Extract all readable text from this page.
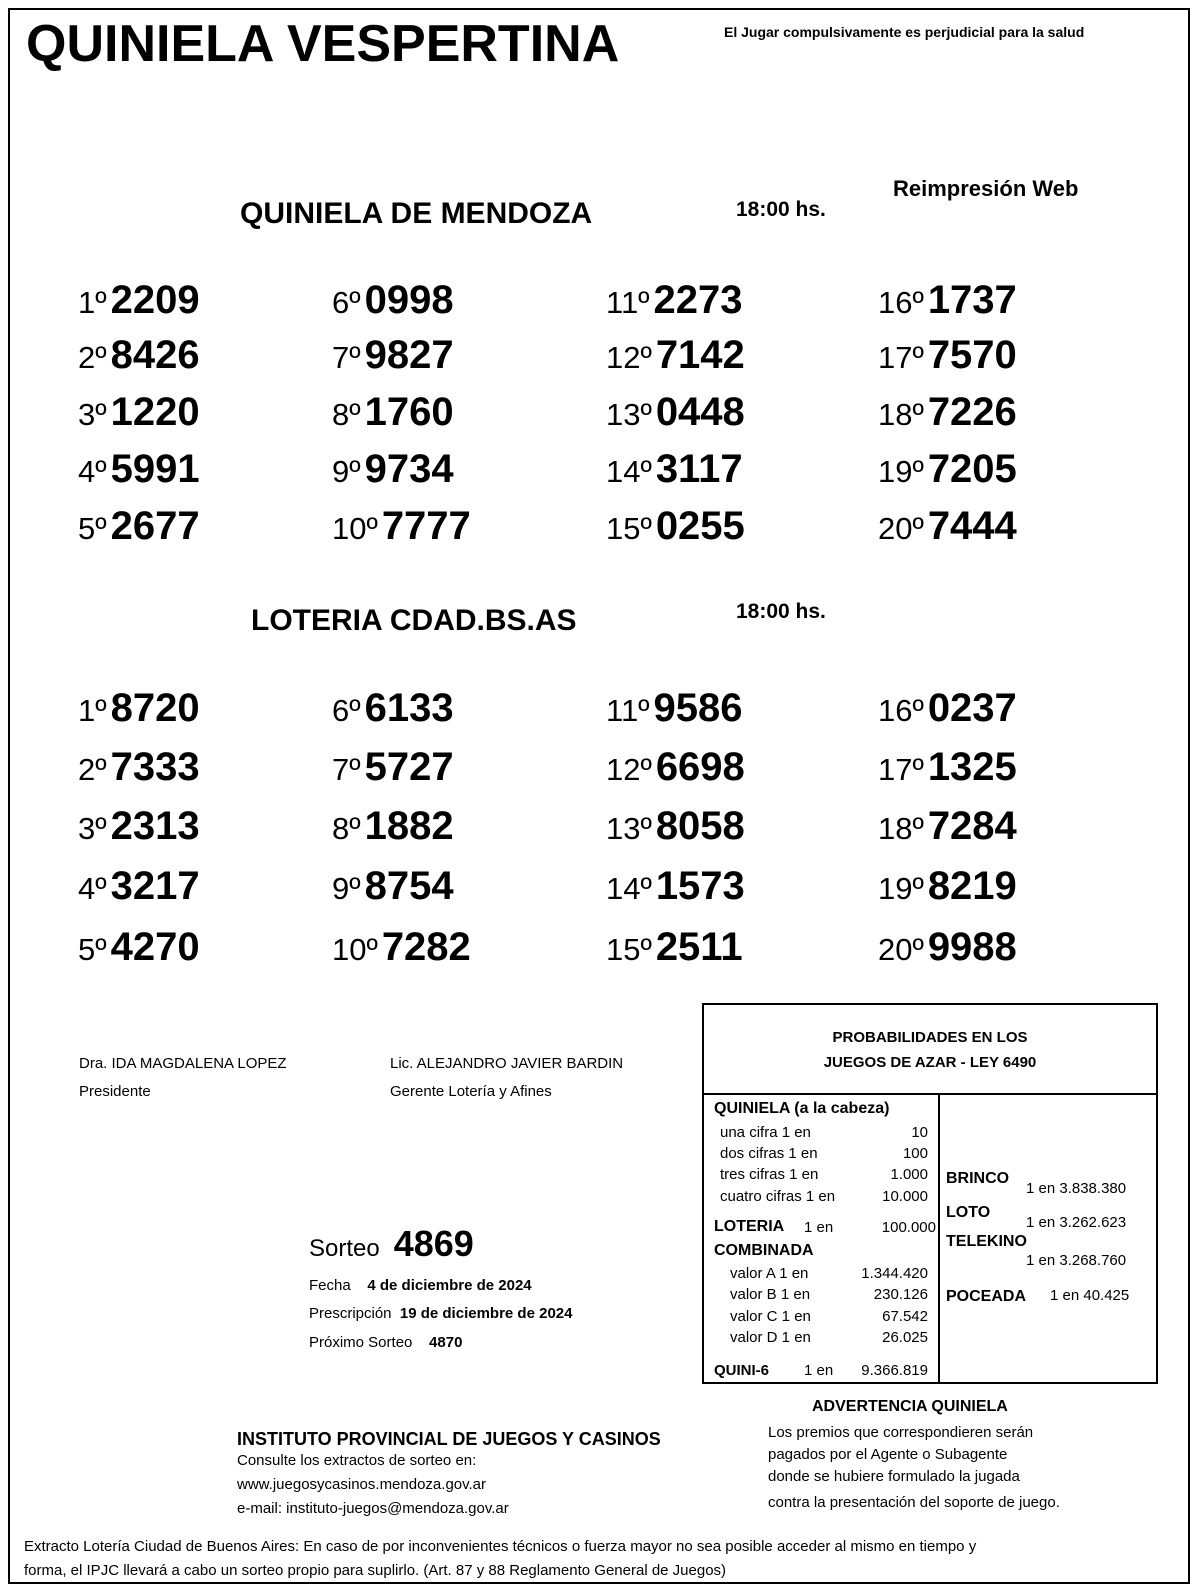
QUINIELA VESPERTINA	El Jugar compulsivamente es perjudicial para la salud
Reimpresión Web
QUINIELA DE MENDOZA	18:00 hs.
1º 2209
2º 8426
3º 1220
4º 5991
5º 2677
6º 0998
7º 9827
8º 1760
9º 9734
10º 7777
11º 2273
12º 7142
13º 0448
14º 3117
15º 0255
16º 1737
17º 7570
18º 7226
19º 7205
20º 7444
LOTERIA CDAD.BS.AS	18:00 hs.
1º 8720
2º 7333
3º 2313
4º 3217
5º 4270
6º 6133
7º 5727
8º 1882
9º 8754
10º 7282
11º 9586
12º 6698
13º 8058
14º 1573
15º 2511
16º 0237
17º 1325
18º 7284
19º 8219
20º 9988
Dra. IDA MAGDALENA LOPEZ
Presidente
Lic. ALEJANDRO JAVIER BARDIN
Gerente Lotería y Afines
Sorteo 4869
Fecha 4 de diciembre de 2024
Prescripción 19 de diciembre de 2024
Próximo Sorteo 4870
PROBABILIDADES EN LOS
JUEGOS DE AZAR - LEY 6490
QUINIELA (a la cabeza)
una cifra 1 en	10
dos cifras 1 en	100
tres cifras 1 en	1.000
cuatro cifras 1 en	10.000
LOTERIA 1 en	100.000
COMBINADA
valor A 1 en	1.344.420
valor B 1 en	230.126
valor C 1 en	67.542
valor D 1 en	26.025
QUINI-6 1 en	9.366.819
BRINCO
1 en 3.838.380
LOTO
1 en 3.262.623
TELEKINO
1 en 3.268.760
POCEADA 1 en 40.425
ADVERTENCIA QUINIELA
Los premios que correspondieren serán
pagados por el Agente o Subagente
donde se hubiere formulado la jugada
contra la presentación del soporte de juego.
INSTITUTO PROVINCIAL DE JUEGOS Y CASINOS
Consulte los extractos de sorteo en:
www.juegosycasinos.mendoza.gov.ar
e-mail: instituto-juegos@mendoza.gov.ar
Extracto Lotería Ciudad de Buenos Aires: En caso de por inconvenientes técnicos o fuerza mayor no sea posible acceder al mismo en tiempo y
forma, el IPJC llevará a cabo un sorteo propio para suplirlo. (Art. 87 y 88 Reglamento General de Juegos)
